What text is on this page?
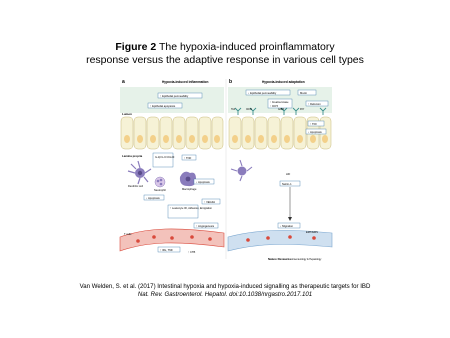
Figure 2 The hypoxia-induced proinflammatory
response versus the adaptive response in various cell types
a	Hypoxia-induced inflammation
Lumen
↑ Epithelial permeability
↑ Epithelial apoptosis
Lamina propria	IL-1β IL-6 CCL20
Dendritic cell
Neutrophil
↓ Apoptosis
↑ TNF
Macrophage
↓ Apoptosis
↑ Leukocyte IFI, Adhesion, Emigration
↑ VEGFA
↑ Angiogenesis
T cells
↑ IRL, TNF
↑ CTB
b	Hypoxia-induced adaptation
↓ Epithelial permeability	Mucin
↑ Creatine kinase
↑ CD73
↑ Defensin
TLR	CD39	A2BR	P2Y
↑ TFF
↓ Apoptosis
Netrin-1
HIF
↓ Migration
EMT/EMS
Nature Reviews Gastroenterology & Hepatology
Van Welden, S. et al. (2017) Intestinal hypoxia and hypoxia-induced signalling as therapeutic targets for IBD
Nat. Rev. Gastroenterol. Hepatol. doi:10.1038/nrgastro.2017.101
